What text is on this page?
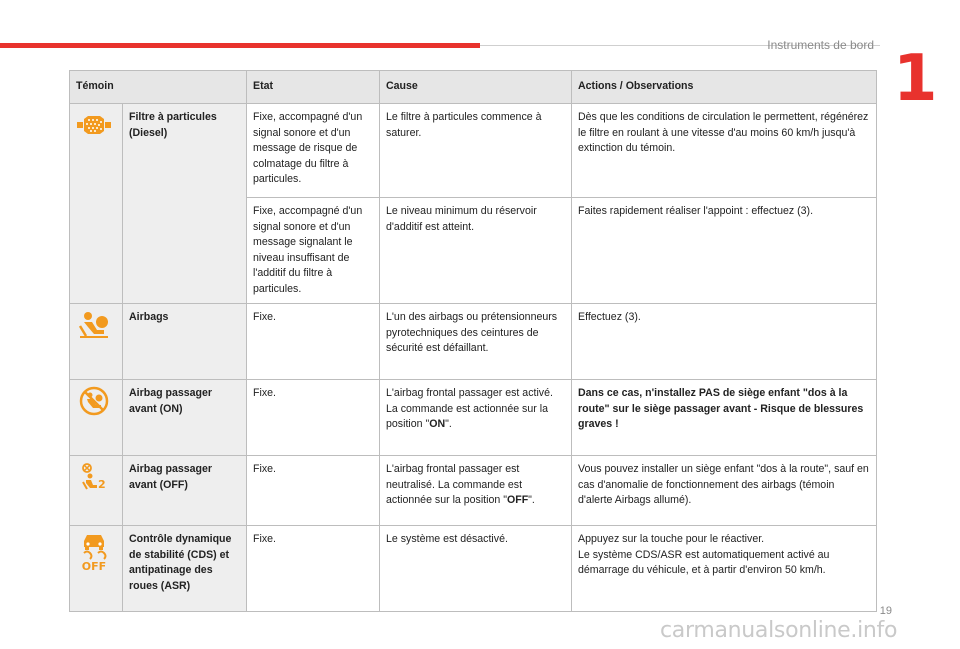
Instruments de bord 1
Témoin		Etat	Cause	Actions / Observations
	Filtre à particules (Diesel)	Fixe, accompagné d'un signal sonore et d'un message de risque de colmatage du filtre à particules.	Le filtre à particules commence à saturer.	Dès que les conditions de circulation le permettent, régénérez le filtre en roulant à une vitesse d'au moins 60 km/h jusqu'à extinction du témoin.
		Fixe, accompagné d'un signal sonore et d'un message signalant le niveau insuffisant de l'additif du filtre à particules.	Le niveau minimum du réservoir d'additif est atteint.	Faites rapidement réaliser l'appoint : effectuez (3).
	Airbags	Fixe.	L'un des airbags ou prétensionneurs pyrotechniques des ceintures de sécurité est défaillant.	Effectuez (3).
	Airbag passager avant (ON)	Fixe.	L'airbag frontal passager est activé. La commande est actionnée sur la position "ON".	Dans ce cas, n'installez PAS de siège enfant "dos à la route" sur le siège passager avant - Risque de blessures graves !

2	Airbag passager avant (OFF)	Fixe.	L'airbag frontal passager est neutralisé. La commande est actionnée sur la position "OFF".	Vous pouvez installer un siège enfant "dos à la route", sauf en cas d'anomalie de fonctionnement des airbags (témoin d'alerte Airbags allumé).

OFF	Contrôle dynamique de stabilité (CDS) et antipatinage des roues (ASR)	Fixe.	Le système est désactivé.	Appuyez sur la touche pour le réactiver.
Le système CDS/ASR est automatiquement activé au démarrage du véhicule, et à partir d'environ 50 km/h.
19
carmanualsonline.info
